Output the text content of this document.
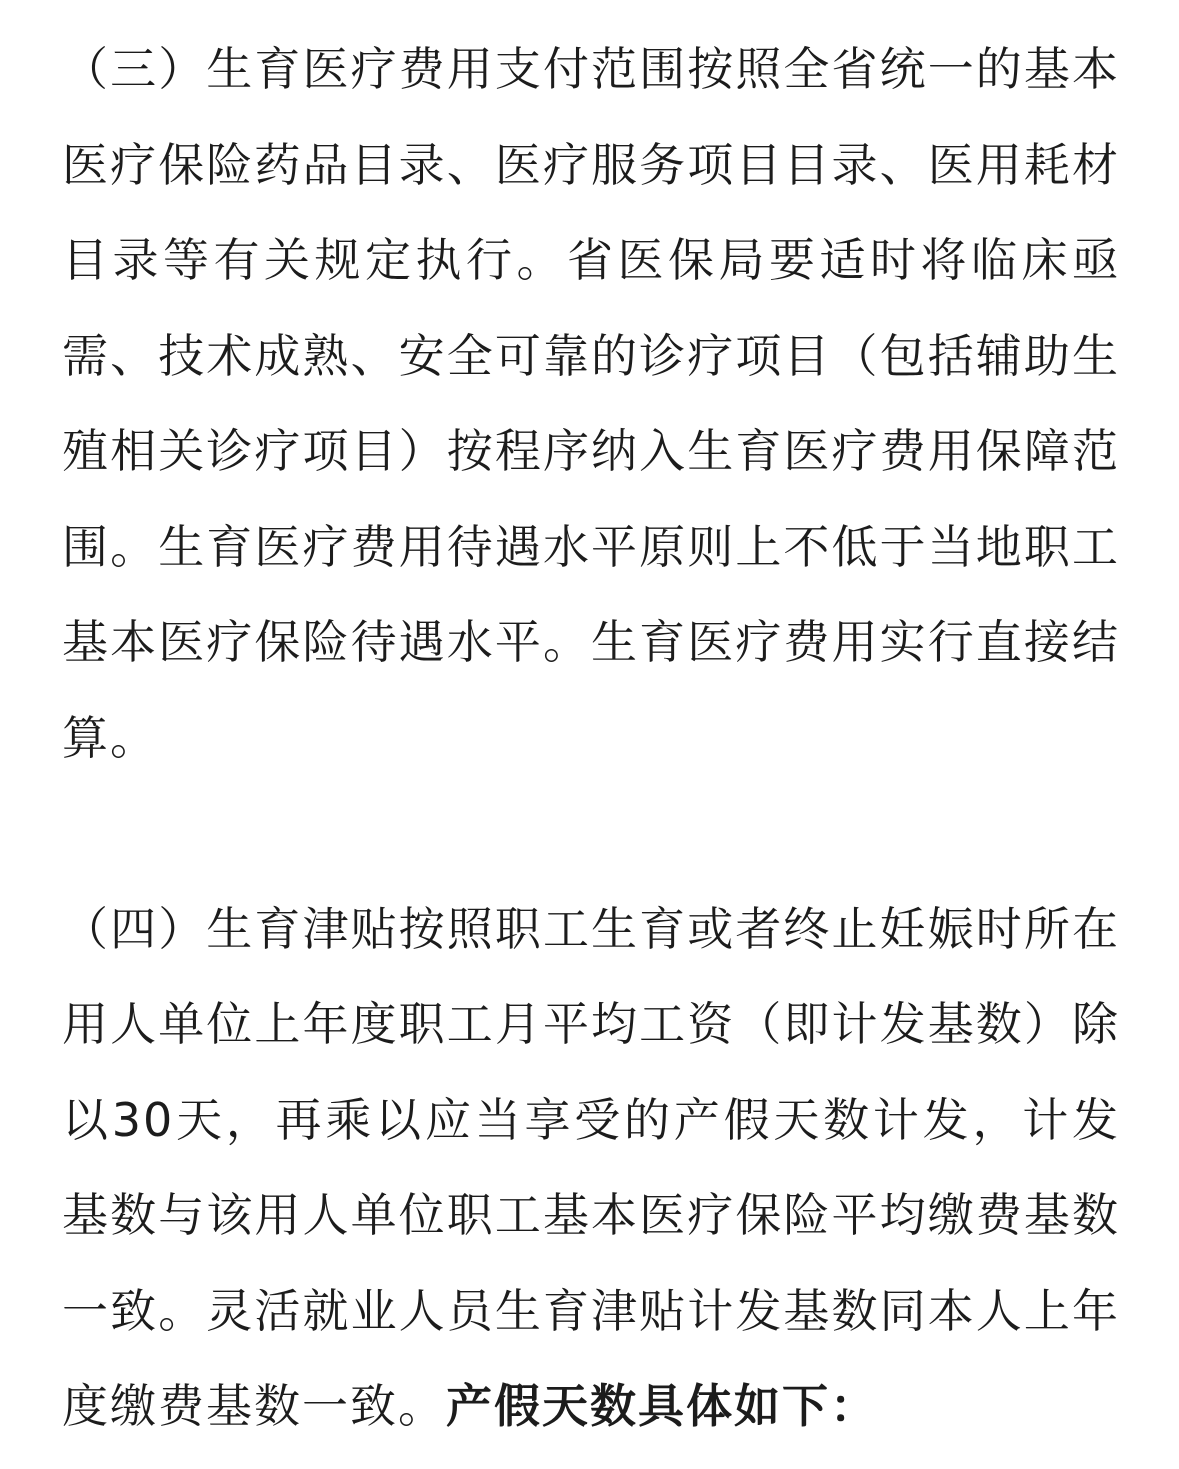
（三）生育医疗费用支付范围按照全省统一的基本医疗保险药品目录、医疗服务项目目录、医用耗材目录等有关规定执行。省医保局要适时将临床亟需、技术成熟、安全可靠的诊疗项目（包括辅助生殖相关诊疗项目）按程序纳入生育医疗费用保障范围。生育医疗费用待遇水平原则上不低于当地职工基本医疗保险待遇水平。生育医疗费用实行直接结算。

（四）生育津贴按照职工生育或者终止妊娠时所在用人单位上年度职工月平均工资（即计发基数）除以30天，再乘以应当享受的产假天数计发，计发基数与该用人单位职工基本医疗保险平均缴费基数一致。灵活就业人员生育津贴计发基数同本人上年度缴费基数一致。产假天数具体如下：
